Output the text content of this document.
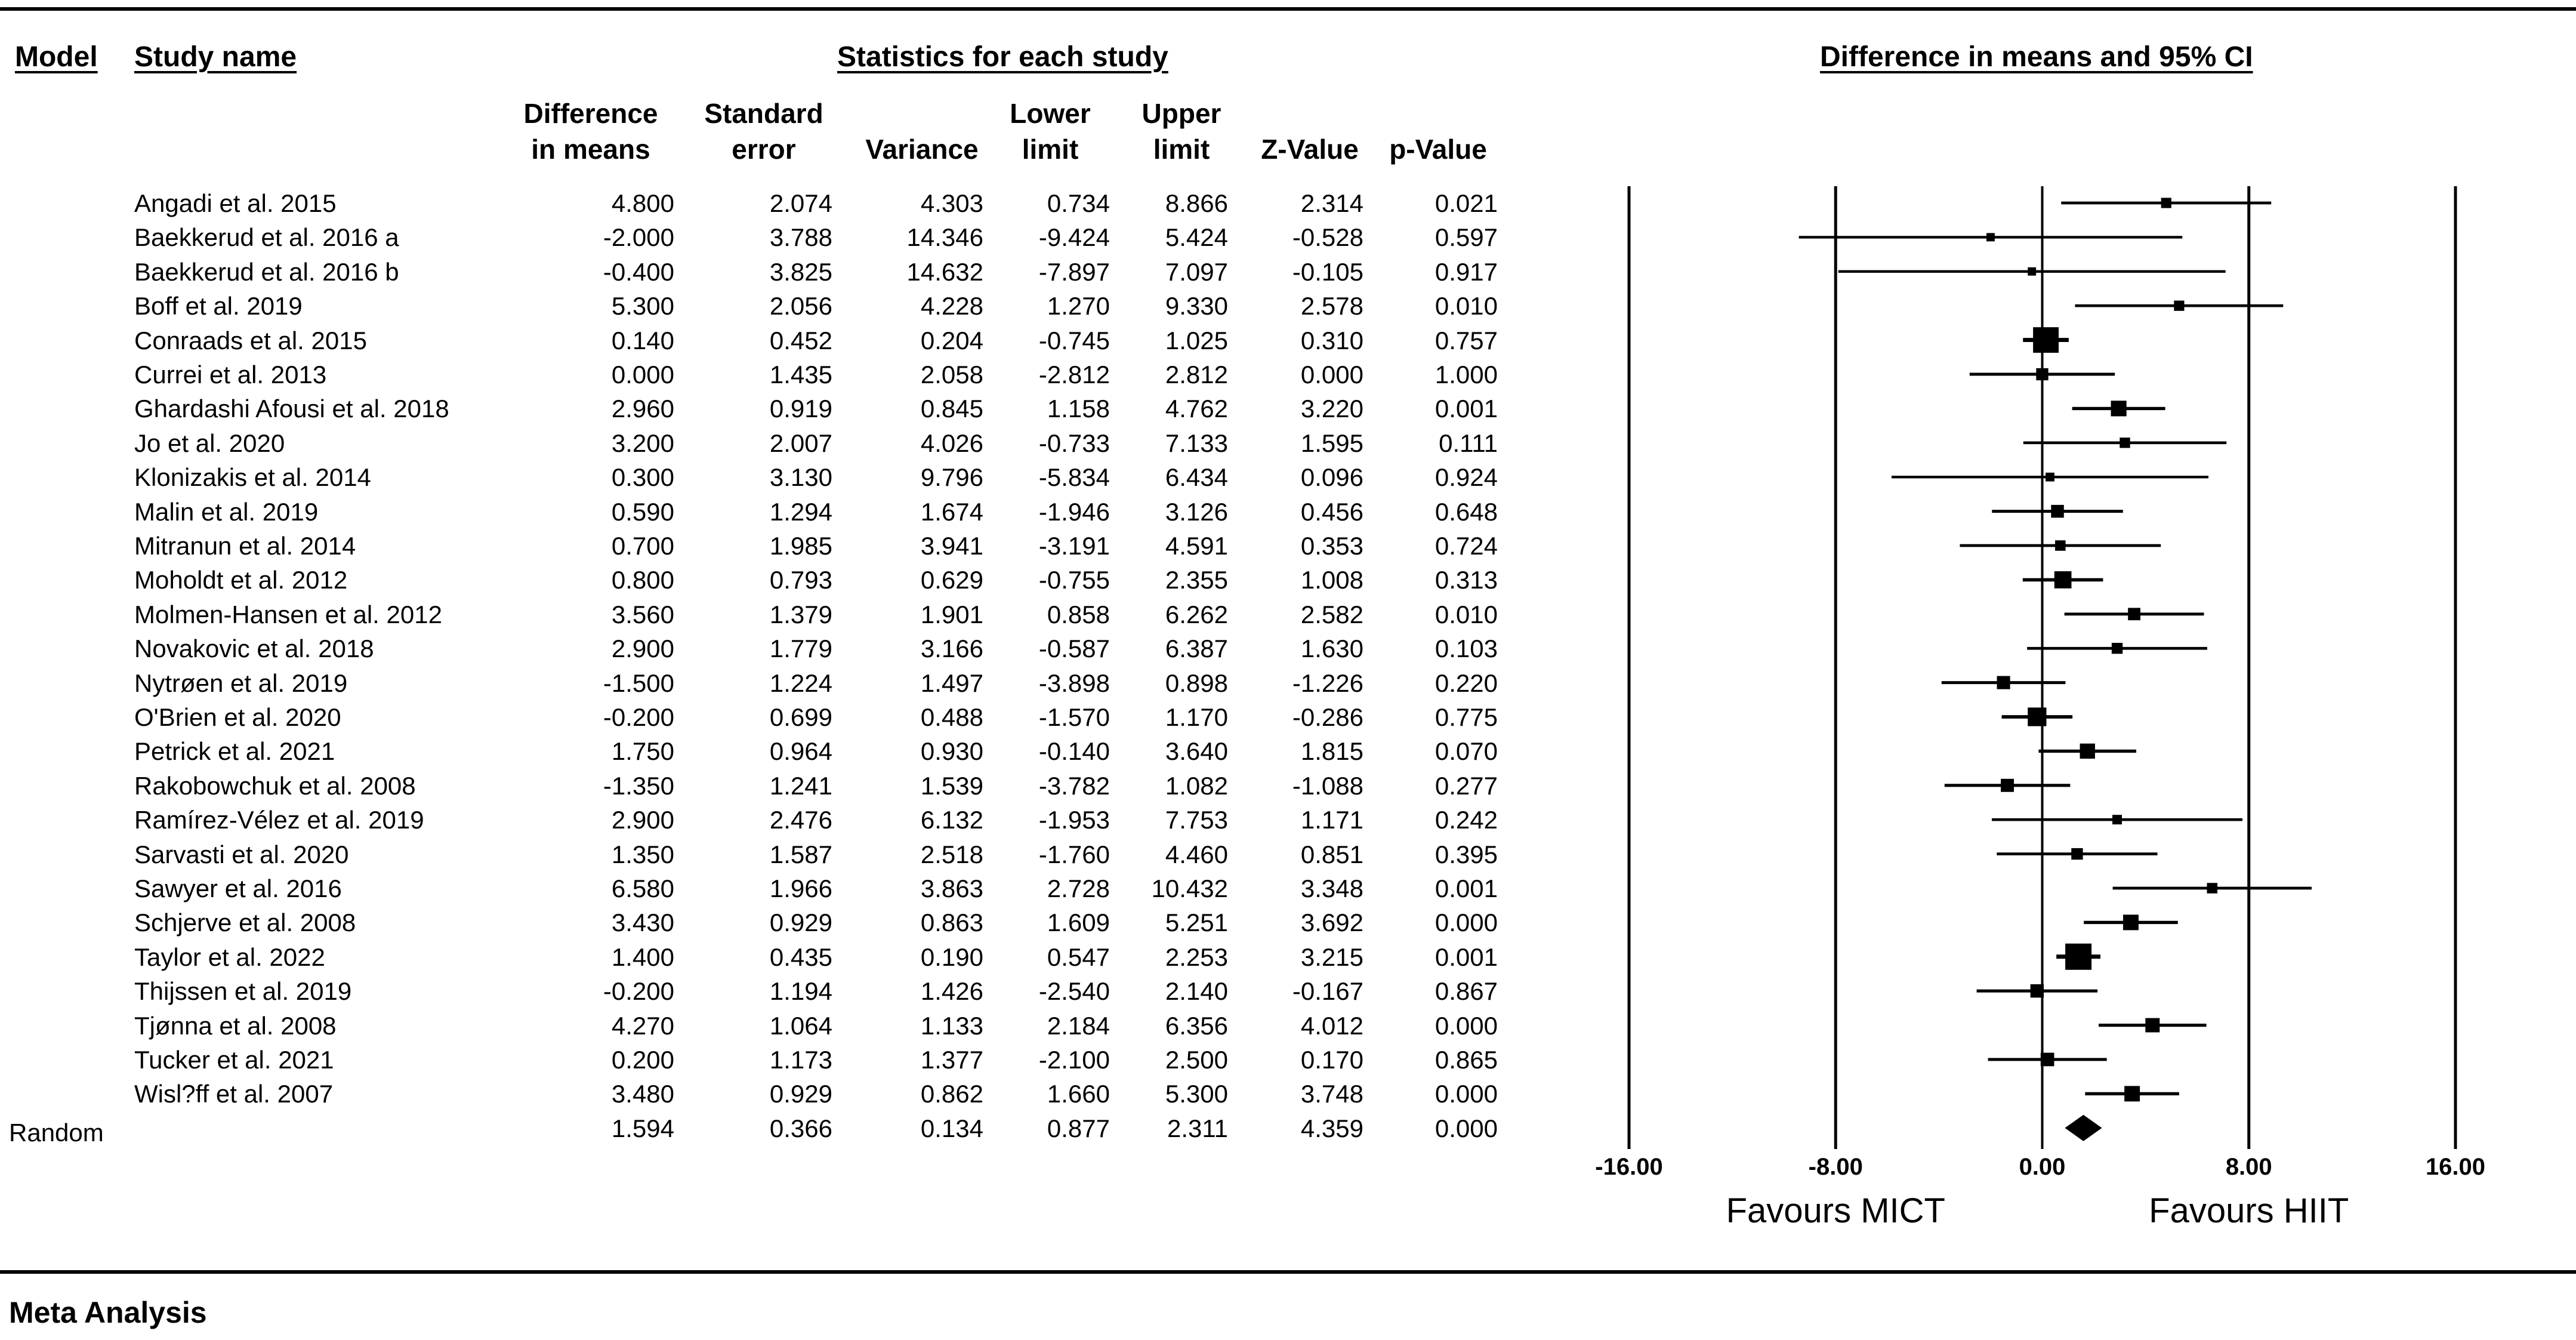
Model Study name	Statistics for each study	Difference in means and 95% CI
Difference
in means
Standard
error	Variance
Lower
limit
Upper
limit	Z-Value	p-Value
Angadi et al. 2015	4.800	2.074	4.303	0.734	8.866	2.314	0.021
Baekkerud et al. 2016 a	-2.000	3.788	14.346	-9.424	5.424	-0.528	0.597
Baekkerud et al. 2016 b	-0.400	3.825	14.632	-7.897	7.097	-0.105	0.917
Boff et al. 2019	5.300	2.056	4.228	1.270	9.330	2.578	0.010
Conraads et al. 2015	0.140	0.452	0.204	-0.745	1.025	0.310	0.757
Currei et al. 2013	0.000	1.435	2.058	-2.812	2.812	0.000	1.000
Ghardashi Afousi et al. 2018	2.960	0.919	0.845	1.158	4.762	3.220	0.001
Jo et al. 2020	3.200	2.007	4.026	-0.733	7.133	1.595	0.111
Klonizakis et al. 2014	0.300	3.130	9.796	-5.834	6.434	0.096	0.924
Malin et al. 2019	0.590	1.294	1.674	-1.946	3.126	0.456	0.648
Mitranun et al. 2014	0.700	1.985	3.941	-3.191	4.591	0.353	0.724
Moholdt et al. 2012	0.800	0.793	0.629	-0.755	2.355	1.008	0.313
Molmen-Hansen et al. 2012	3.560	1.379	1.901	0.858	6.262	2.582	0.010
Novakovic et al. 2018	2.900	1.779	3.166	-0.587	6.387	1.630	0.103
Nytrøen et al. 2019	-1.500	1.224	1.497	-3.898	0.898	-1.226	0.220
O'Brien et al. 2020	-0.200	0.699	0.488	-1.570	1.170	-0.286	0.775
Petrick et al. 2021	1.750	0.964	0.930	-0.140	3.640	1.815	0.070
Rakobowchuk et al. 2008	-1.350	1.241	1.539	-3.782	1.082	-1.088	0.277
Ramírez-Vélez et al. 2019	2.900	2.476	6.132	-1.953	7.753	1.171	0.242
Sarvasti et al. 2020	1.350	1.587	2.518	-1.760	4.460	0.851	0.395
Sawyer et al. 2016	6.580	1.966	3.863	2.728	10.432	3.348	0.001
Schjerve et al. 2008	3.430	0.929	0.863	1.609	5.251	3.692	0.000
Taylor et al. 2022	1.400	0.435	0.190	0.547	2.253	3.215	0.001
Thijssen et al. 2019	-0.200	1.194	1.426	-2.540	2.140	-0.167	0.867
Tjønna et al. 2008	4.270	1.064	1.133	2.184	6.356	4.012	0.000
Tucker et al. 2021	0.200	1.173	1.377	-2.100	2.500	0.170	0.865
Wisl?ff et al. 2007	3.480	0.929	0.862	1.660	5.300	3.748	0.000
Random	1.594	0.366	0.134	0.877	2.311	4.359	0.000
-16.00	-8.00	0.00	8.00	16.00
Favours MICT	Favours HIIT
Meta Analysis
